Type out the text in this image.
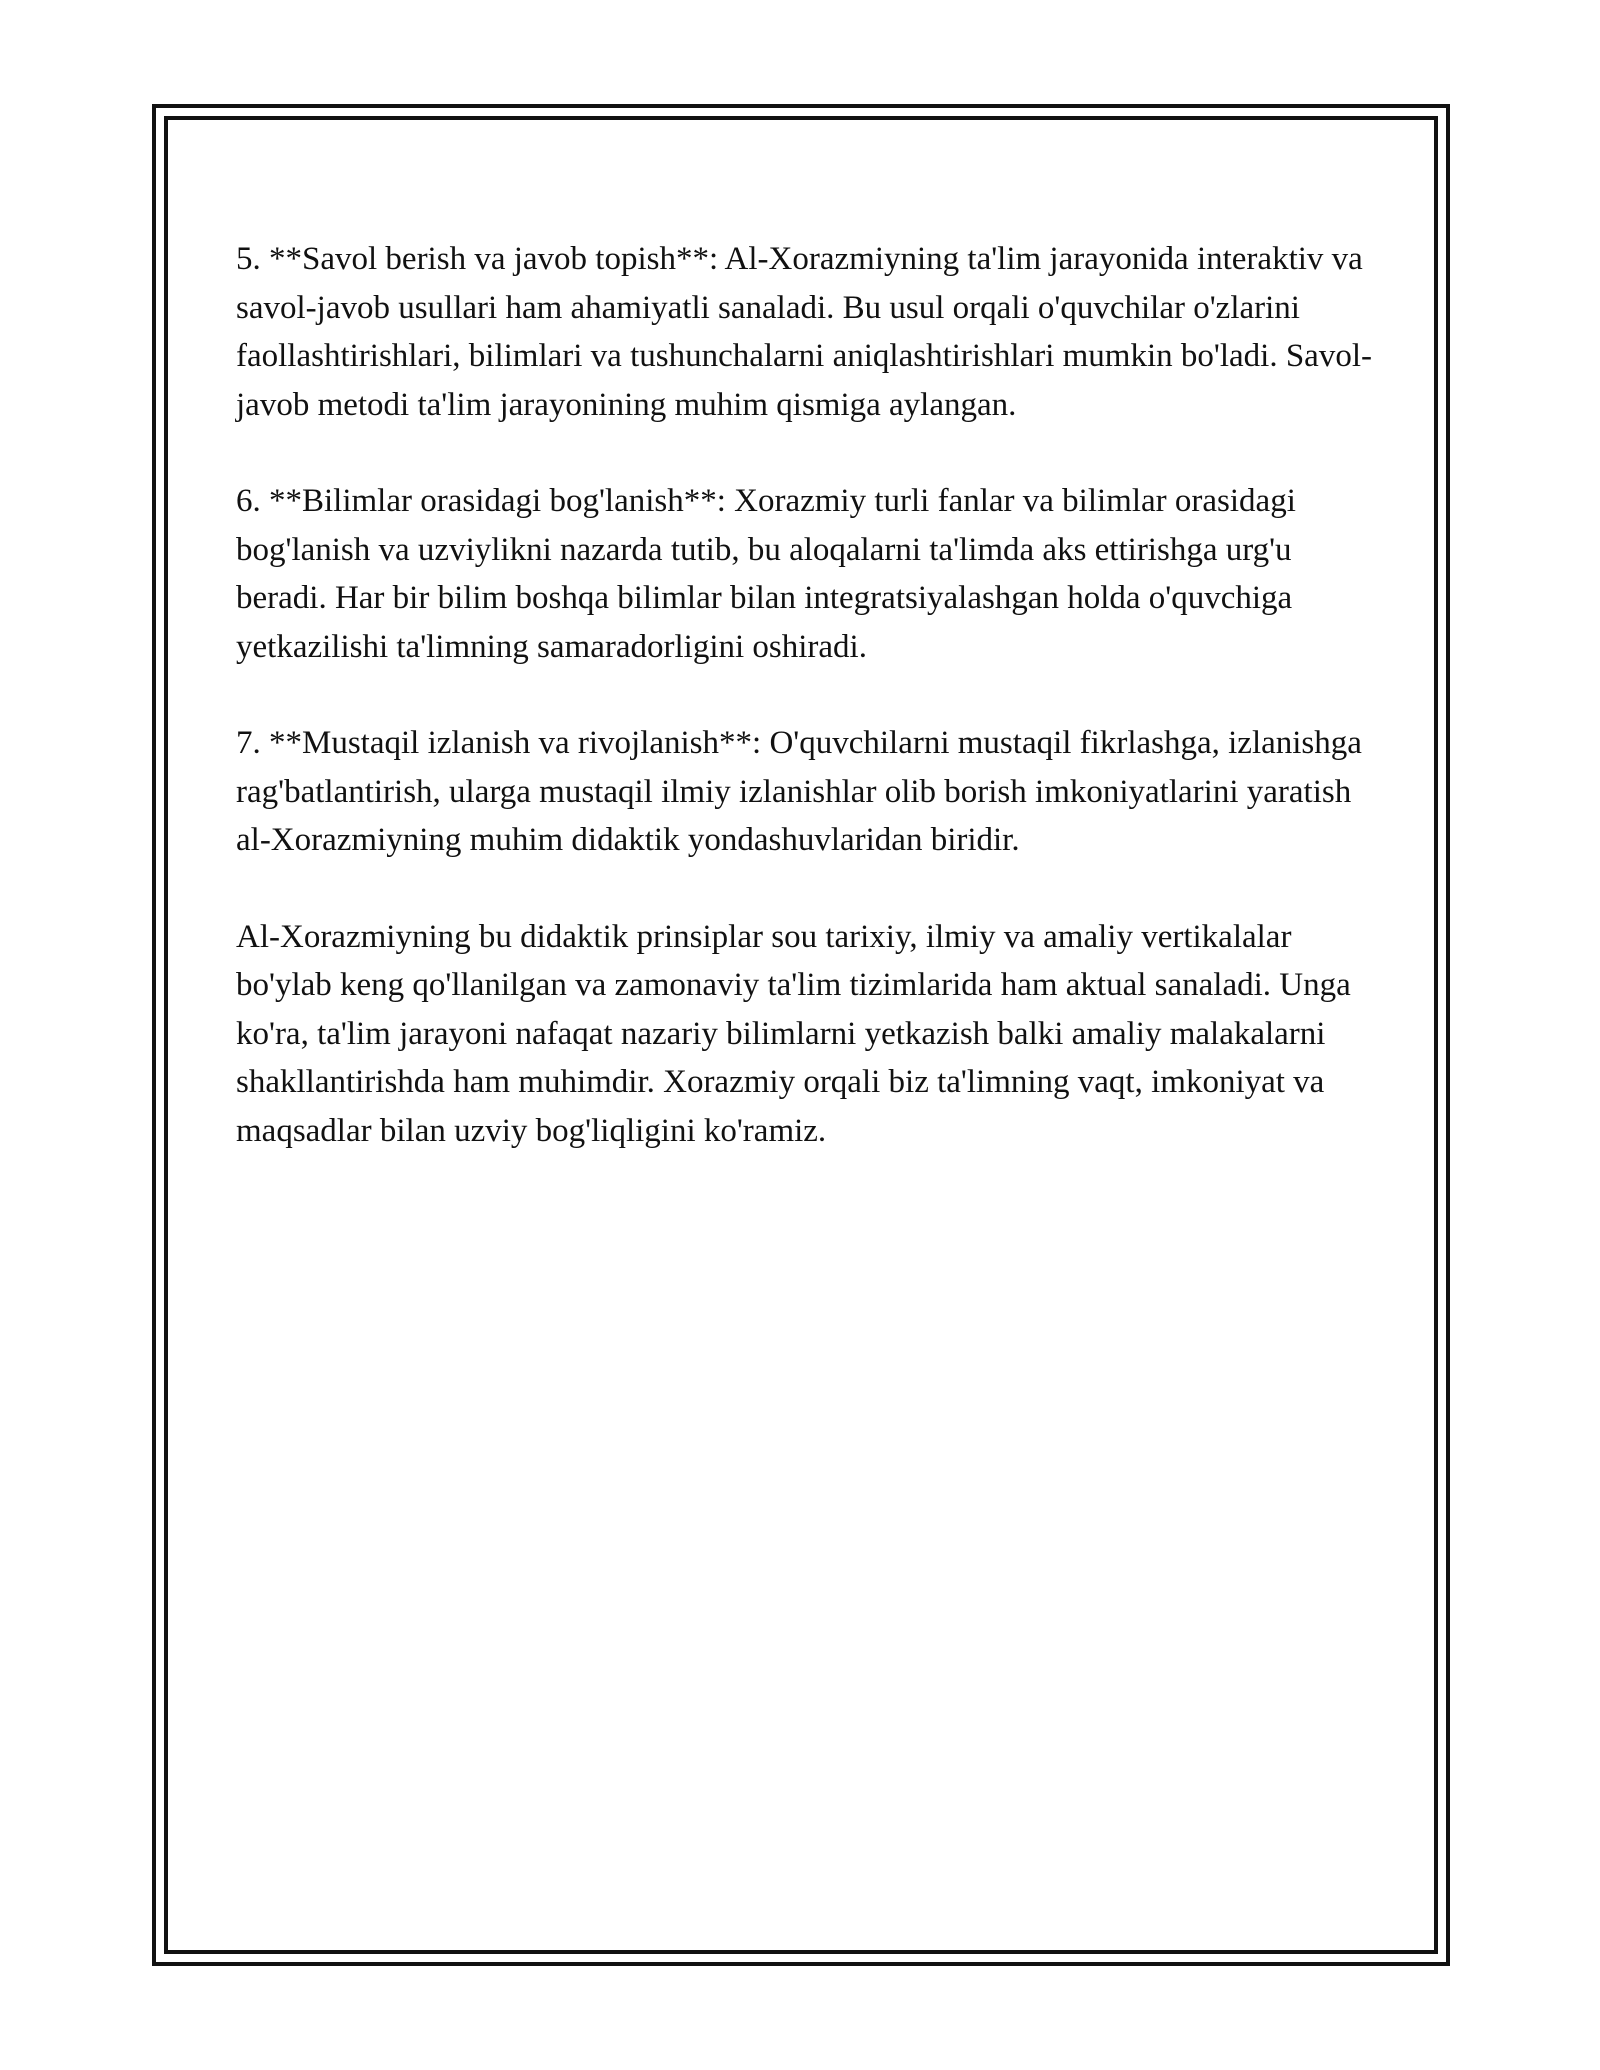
5. **Savol berish va javob topish**: Al-Xorazmiyning ta'lim jarayonida interaktiv va savol-javob usullari ham ahamiyatli sanaladi. Bu usul orqali o'quvchilar o'zlarini faollashtirishlari, bilimlari va tushunchalarni aniqlashtirishlari mumkin bo'ladi. Savol-javob metodi ta'lim jarayonining muhim qismiga aylangan.

6. **Bilimlar orasidagi bog'lanish**: Xorazmiy turli fanlar va bilimlar orasidagi bog'lanish va uzviylikni nazarda tutib, bu aloqalarni ta'limda aks ettirishga urg'u beradi. Har bir bilim boshqa bilimlar bilan integratsiyalashgan holda o'quvchiga yetkazilishi ta'limning samaradorligini oshiradi.

7. **Mustaqil izlanish va rivojlanish**: O'quvchilarni mustaqil fikrlashga, izlanishga rag'batlantirish, ularga mustaqil ilmiy izlanishlar olib borish imkoniyatlarini yaratish al-Xorazmiyning muhim didaktik yondashuvlaridan biridir.

Al-Xorazmiyning bu didaktik prinsiplar sou tarixiy, ilmiy va amaliy vertikalalar bo'ylab keng qo'llanilgan va zamonaviy ta'lim tizimlarida ham aktual sanaladi. Unga ko'ra, ta'lim jarayoni nafaqat nazariy bilimlarni yetkazish balki amaliy malakalarni shakllantirishda ham muhimdir. Xorazmiy orqali biz ta'limning vaqt, imkoniyat va maqsadlar bilan uzviy bog'liqligini ko'ramiz.
